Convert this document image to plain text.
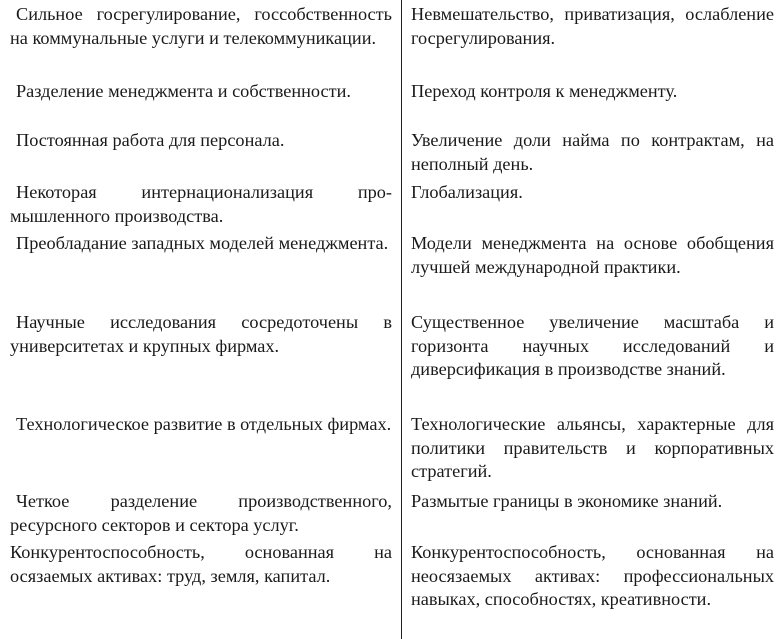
Сильное госрегулирование, госсобственность на коммунальные услуги и телекоммуникации.

Невмешательство, приватизация, ослабление госрегулирования.

Разделение менеджмента и собственности.	Переход контроля к менеджменту.

Постоянная работа для персонала.	Увеличение доли найма по контрактам, на неполный день.

Некоторая интернационализация промышленного производства.

Глобализация.

Преобладание западных моделей менеджмента. Модели менеджмента на основе обобщения лучшей международной практики.

Научные исследования сосредоточены в университетах и крупных фирмах.

Существенное увеличение масштаба и горизонта научных исследований и диверсификация в производстве знаний.

Технологическое развитие в отдельных фирмах. Технологические альянсы, характерные для политики правительств и корпоративных стратегий.

Четкое разделение производственного, ресурсного секторов и сектора услуг.

Размытые границы в экономике знаний.

Конкурентоспособность, основанная на осязаемых активах: труд, земля, капитал.

Конкурентоспособность, основанная на неосязаемых активах: профессиональных навыках, способностях, креативности.
